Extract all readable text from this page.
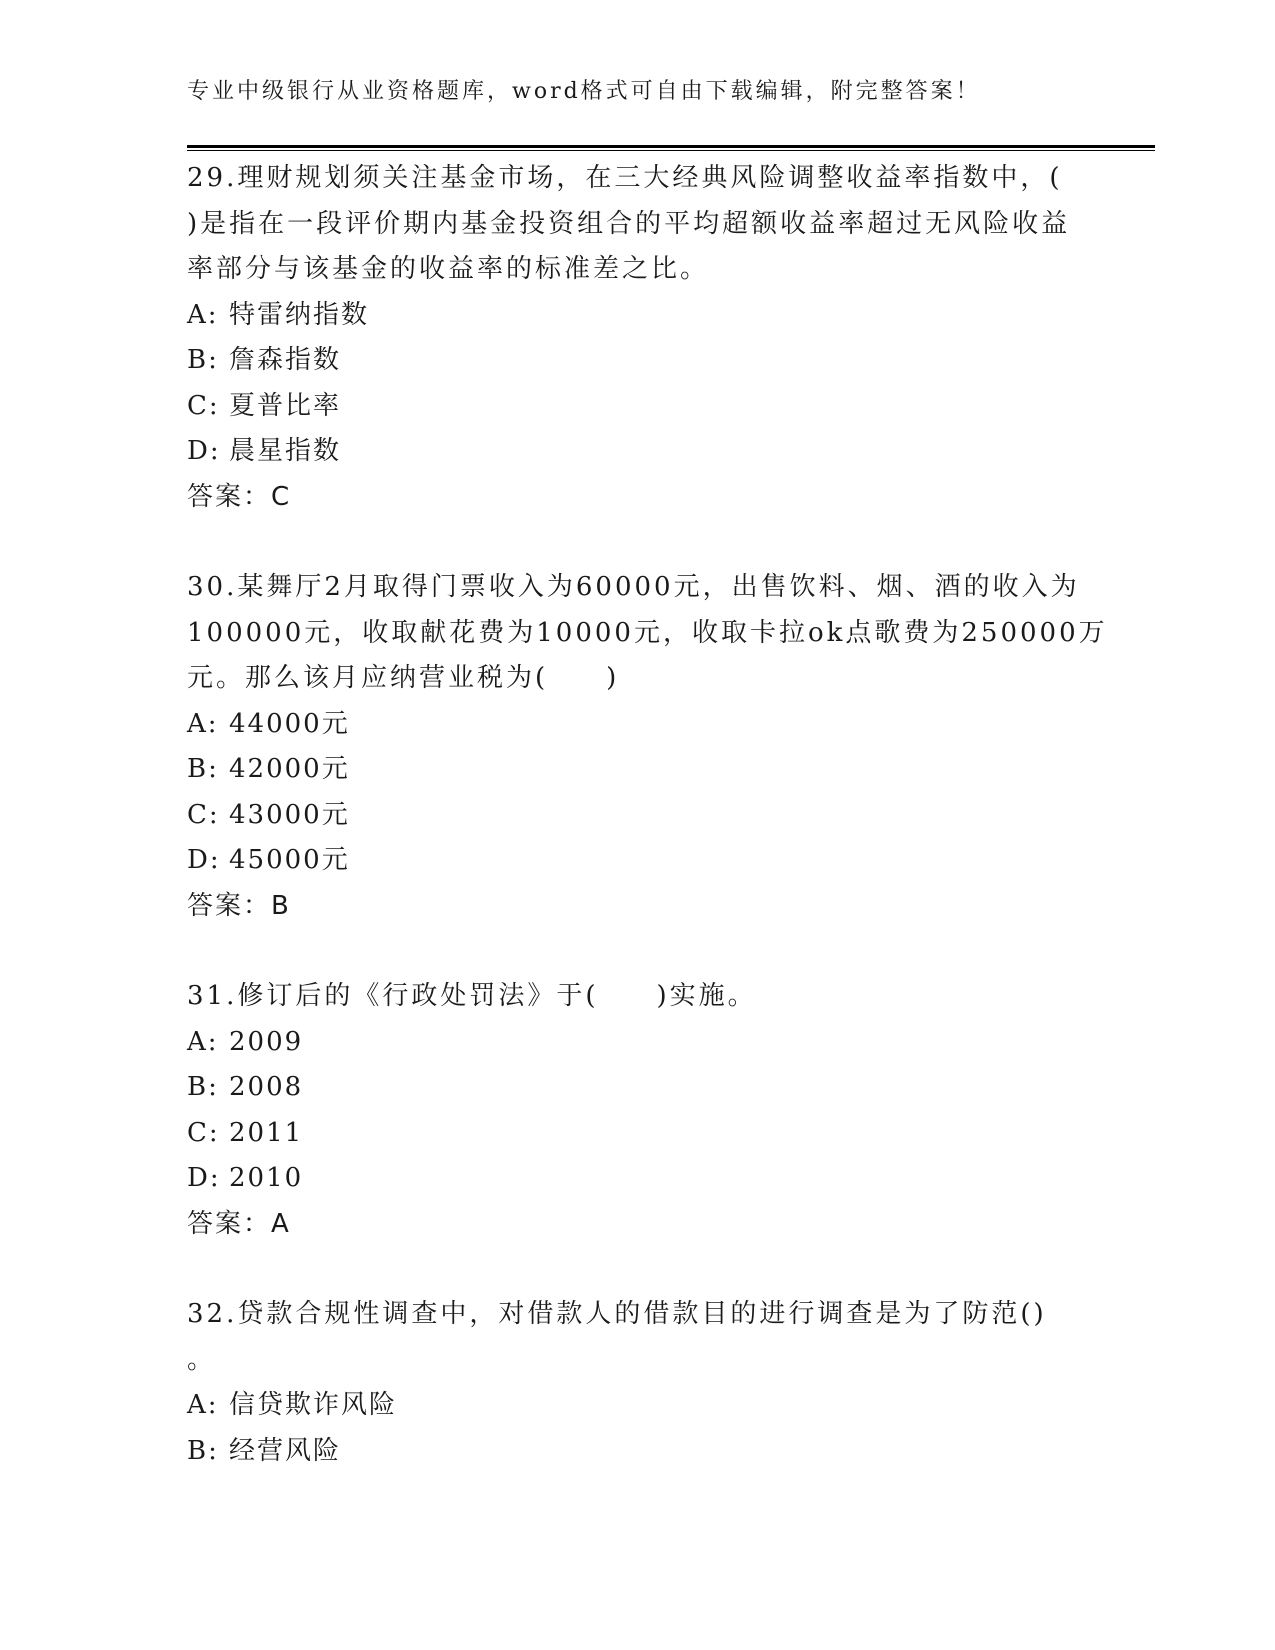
专业中级银行从业资格题库，word格式可自由下载编辑，附完整答案！
29.理财规划须关注基金市场，在三大经典风险调整收益率指数中，(
)是指在一段评价期内基金投资组合的平均超额收益率超过无风险收益
率部分与该基金的收益率的标准差之比。
A: 特雷纳指数
B: 詹森指数
C: 夏普比率
D: 晨星指数
答案：C
30.某舞厅2月取得门票收入为60000元，出售饮料、烟、酒的收入为
100000元，收取献花费为10000元，收取卡拉ok点歌费为250000万
元。那么该月应纳营业税为(　　)
A: 44000元
B: 42000元
C: 43000元
D: 45000元
答案：B
31.修订后的《行政处罚法》于(　　)实施。
A: 2009
B: 2008
C: 2011
D: 2010
答案：A
32.贷款合规性调查中，对借款人的借款目的进行调查是为了防范()
。
A: 信贷欺诈风险
B: 经营风险
